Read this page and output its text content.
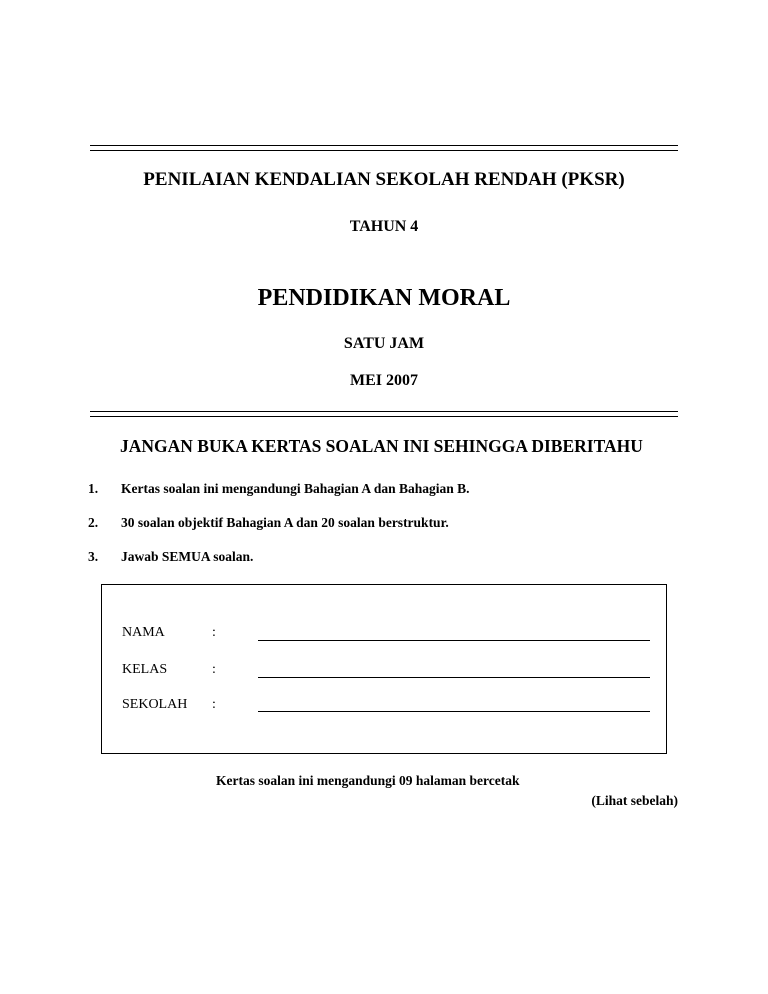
PENILAIAN KENDALIAN SEKOLAH RENDAH (PKSR)
TAHUN 4
PENDIDIKAN MORAL
SATU JAM
MEI 2007
JANGAN BUKA KERTAS SOALAN INI SEHINGGA DIBERITAHU
1. Kertas soalan ini mengandungi Bahagian A dan Bahagian B.
2. 30 soalan objektif Bahagian A dan 20 soalan berstruktur.
3. Jawab SEMUA soalan.
NAMA	:
KELAS	:
SEKOLAH :
Kertas soalan ini mengandungi 09 halaman bercetak
(Lihat sebelah)
